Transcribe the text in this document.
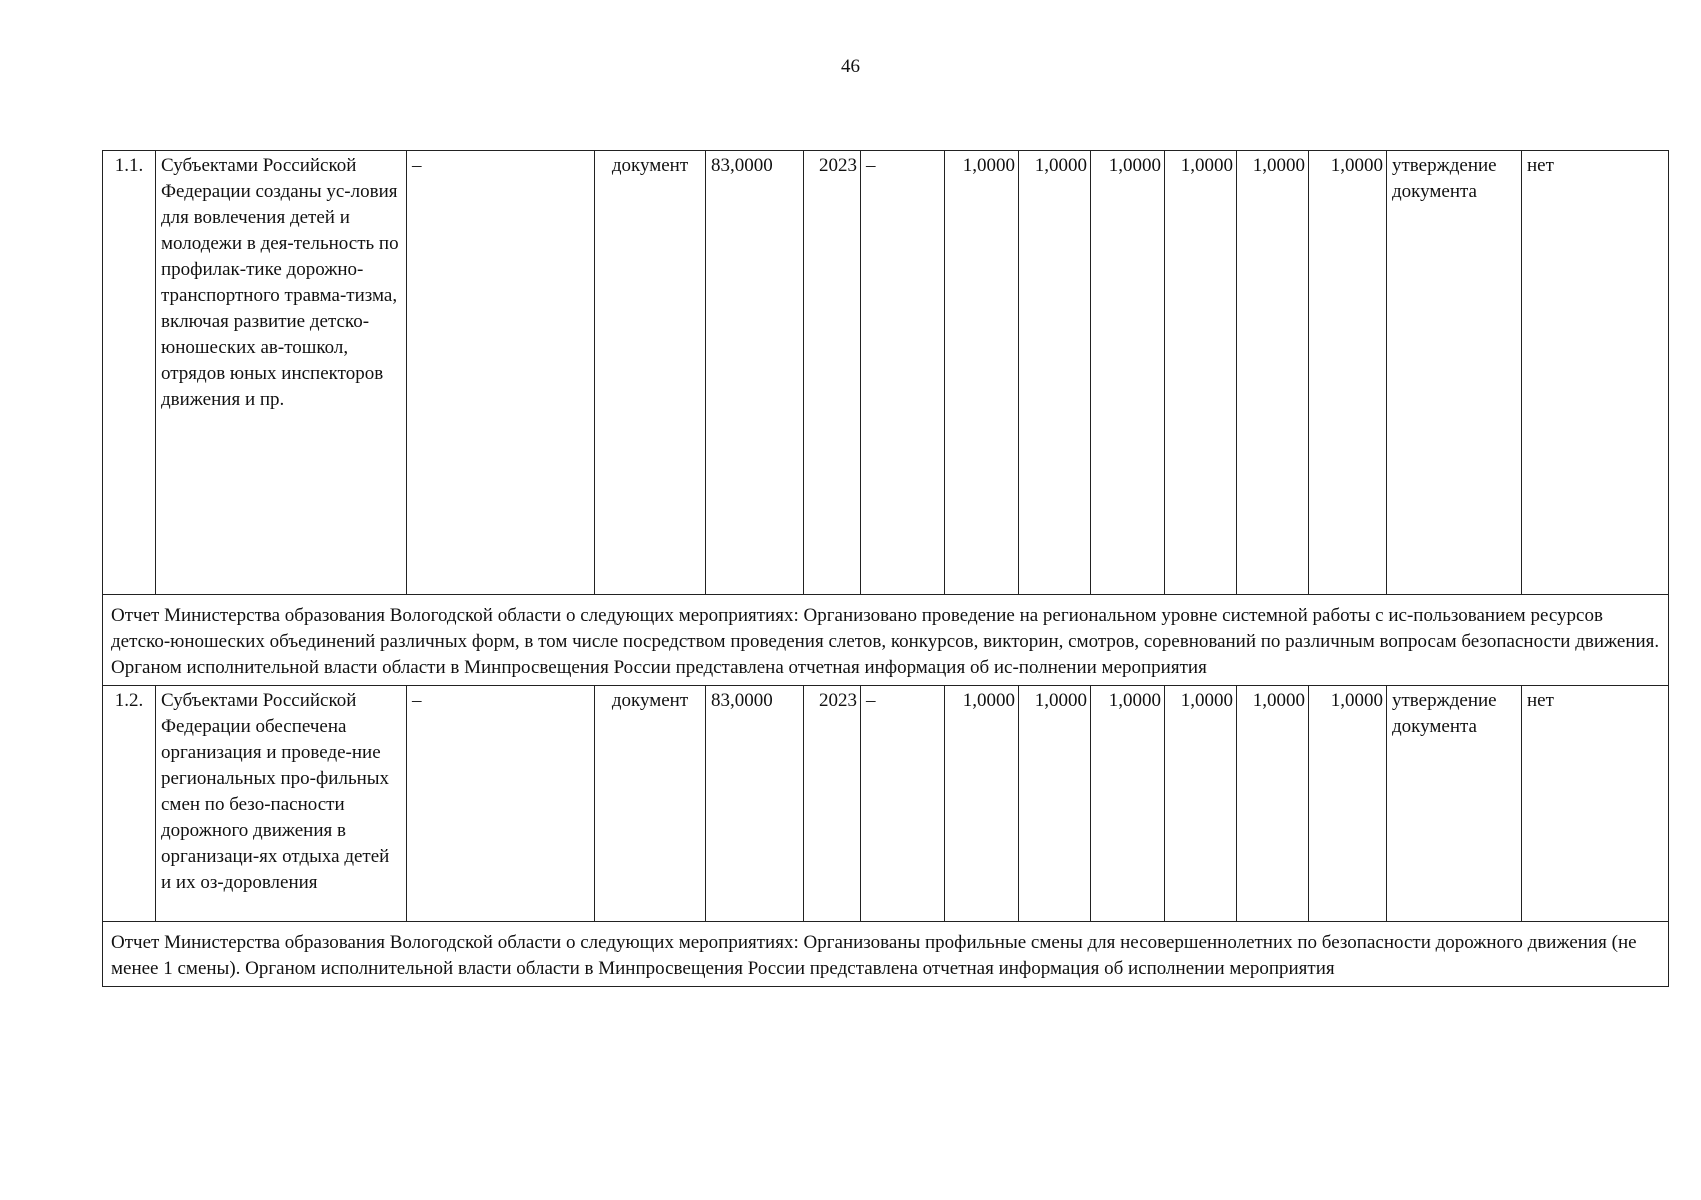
46
1.1.	Субъектами Российской Федерации созданы ус-ловия для вовлечения детей и молодежи в дея-тельность по профилак-тике дорожно-транспортного травма-тизма, включая развитие детско-юношеских ав-тошкол, отрядов юных инспекторов движения и пр.	–	документ	83,0000	2023	–	1,0000	1,0000	1,0000	1,0000	1,0000	1,0000	утверждение документа	нет
Отчет Министерства образования Вологодской области о следующих мероприятиях: Организовано проведение на региональном уровне системной работы с ис-пользованием ресурсов детско-юношеских объединений различных форм, в том числе посредством проведения слетов, конкурсов, викторин, смотров, соревнований по различным вопросам безопасности движения. Органом исполнительной власти области в Минпросвещения России представлена отчетная информация об ис-полнении мероприятия														
1.2.	Субъектами Российской Федерации обеспечена организация и проведе-ние региональных про-фильных смен по безо-пасности дорожного движения в организаци-ях отдыха детей и их оз-доровления	–	документ	83,0000	2023	–	1,0000	1,0000	1,0000	1,0000	1,0000	1,0000	утверждение документа	нет
Отчет Министерства образования Вологодской области о следующих мероприятиях: Организованы профильные смены для несовершеннолетних по безопасности дорожного движения (не менее 1 смены). Органом исполнительной власти области в Минпросвещения России представлена отчетная информация об исполнении мероприятия														
